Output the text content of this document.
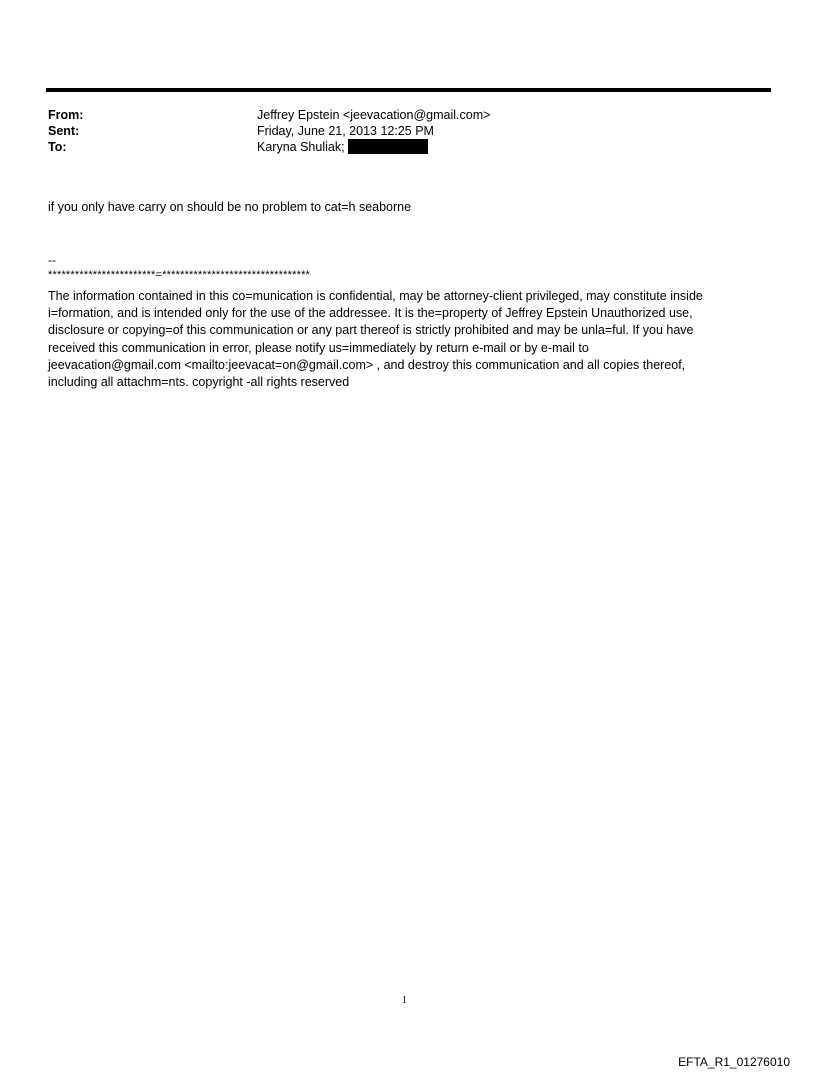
From:	Jeffrey Epstein <jeevacation@gmail.com>
Sent:	Friday, June 21, 2013 12:25 PM
To:	Karyna Shuliak;
if you only have carry on should be no problem to cat=h seaborne
--
************************=*********************************
The information contained in this co=munication is confidential, may be attorney-client privileged, may constitute inside
i=formation, and is intended only for the use of the addressee. It is the=property of Jeffrey Epstein Unauthorized use,
disclosure or copying=of this communication or any part thereof is strictly prohibited and may be unla=ful. If you have
received this communication in error, please notify us=immediately by return e-mail or by e-mail to
jeevacation@gmail.com <mailto:jeevacat=on@gmail.com> , and destroy this communication and all copies thereof,
including all attachm=nts. copyright -all rights reserved
1
EFTA_R1_01276010
